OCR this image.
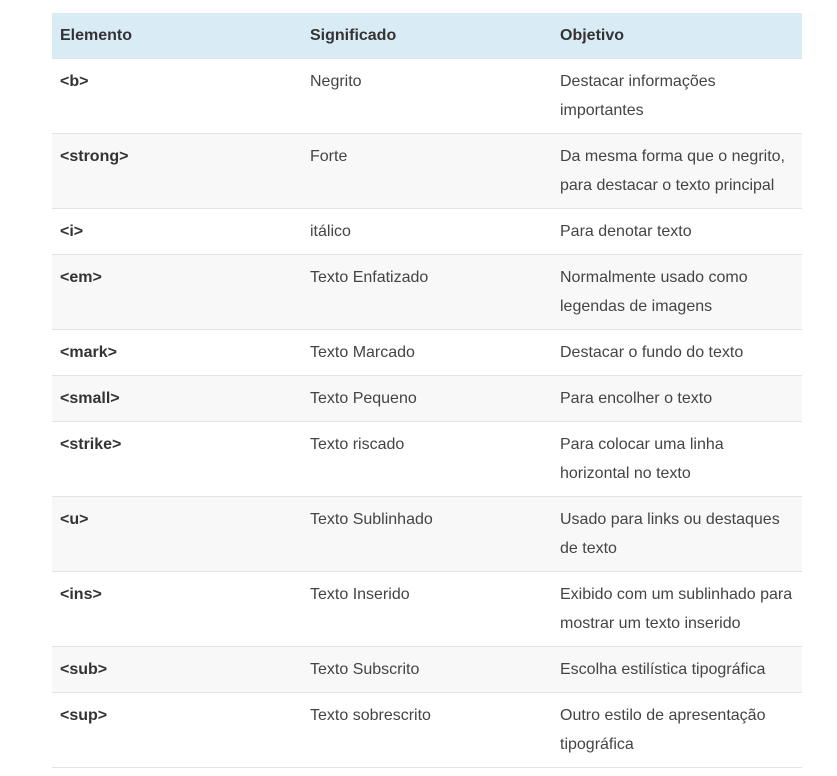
Elemento	Significado	Objetivo
<b>	Negrito	Destacar informações importantes
<strong>	Forte	Da mesma forma que o negrito, para destacar o texto principal
<i>	itálico	Para denotar texto
<em>	Texto Enfatizado	Normalmente usado como legendas de imagens
<mark>	Texto Marcado	Destacar o fundo do texto
<small>	Texto Pequeno	Para encolher o texto
<strike>	Texto riscado	Para colocar uma linha horizontal no texto
<u>	Texto Sublinhado	Usado para links ou destaques de texto
<ins>	Texto Inserido	Exibido com um sublinhado para mostrar um texto inserido
<sub>	Texto Subscrito	Escolha estilística tipográfica
<sup>	Texto sobrescrito	Outro estilo de apresentação tipográfica
